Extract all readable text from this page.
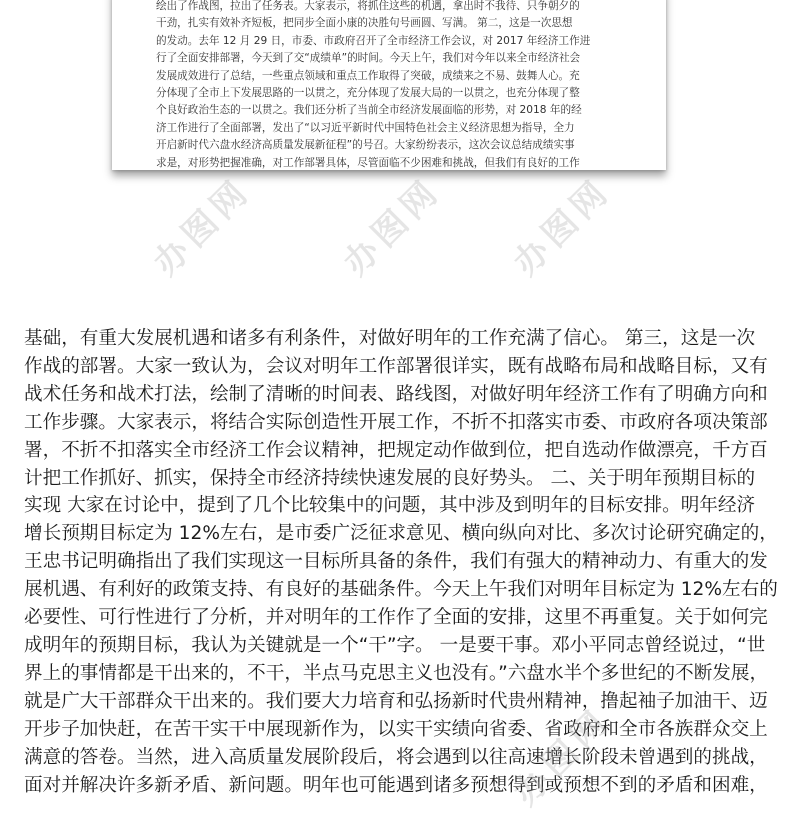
绘出了作战图，拉出了任务表。大家表示，将抓住这些的机遇，拿出时不我待、只争朝夕的
干劲，扎实有效补齐短板，把同步全面小康的决胜句号画圆、写满。 第二，这是一次思想
的发动。去年 12 月 29 日，市委、市政府召开了全市经济工作会议，对 2017 年经济工作进
行了全面安排部署，今天到了交“成绩单”的时间。今天上午，我们对今年以来全市经济社会
发展成效进行了总结，一些重点领域和重点工作取得了突破，成绩来之不易、鼓舞人心。充
分体现了全市上下发展思路的一以贯之，充分体现了发展大局的一以贯之，也充分体现了整
个良好政治生态的一以贯之。我们还分析了当前全市经济发展面临的形势，对 2018 年的经
济工作进行了全面部署，发出了“以习近平新时代中国特色社会主义经济思想为指导，全力
开启新时代六盘水经济高质量发展新征程”的号召。大家纷纷表示，这次会议总结成绩实事
求是，对形势把握准确，对工作部署具体，尽管面临不少困难和挑战，但我们有良好的工作
基础，有重大发展机遇和诸多有利条件，对做好明年的工作充满了信心。 第三，这是一次
作战的部署。大家一致认为，会议对明年工作部署很详实，既有战略布局和战略目标，又有
战术任务和战术打法，绘制了清晰的时间表、路线图，对做好明年经济工作有了明确方向和
工作步骤。大家表示，将结合实际创造性开展工作，不折不扣落实市委、市政府各项决策部
署，不折不扣落实全市经济工作会议精神，把规定动作做到位，把自选动作做漂亮，千方百
计把工作抓好、抓实，保持全市经济持续快速发展的良好势头。 二、关于明年预期目标的
实现 大家在讨论中，提到了几个比较集中的问题，其中涉及到明年的目标安排。明年经济
增长预期目标定为 12%左右，是市委广泛征求意见、横向纵向对比、多次讨论研究确定的，
王忠书记明确指出了我们实现这一目标所具备的条件，我们有强大的精神动力、有重大的发
展机遇、有利好的政策支持、有良好的基础条件。今天上午我们对明年目标定为 12%左右的
必要性、可行性进行了分析，并对明年的工作作了全面的安排，这里不再重复。关于如何完
成明年的预期目标，我认为关键就是一个“干”字。 一是要干事。邓小平同志曾经说过，“世
界上的事情都是干出来的，不干，半点马克思主义也没有。”六盘水半个多世纪的不断发展，
就是广大干部群众干出来的。我们要大力培育和弘扬新时代贵州精神，撸起袖子加油干、迈
开步子加快赶，在苦干实干中展现新作为，以实干实绩向省委、省政府和全市各族群众交上
满意的答卷。当然，进入高质量发展阶段后，将会遇到以往高速增长阶段未曾遇到的挑战，
面对并解决许多新矛盾、新问题。明年也可能遇到诸多预想得到或预想不到的矛盾和困难，
办图网 办图网 办图网
办图网
